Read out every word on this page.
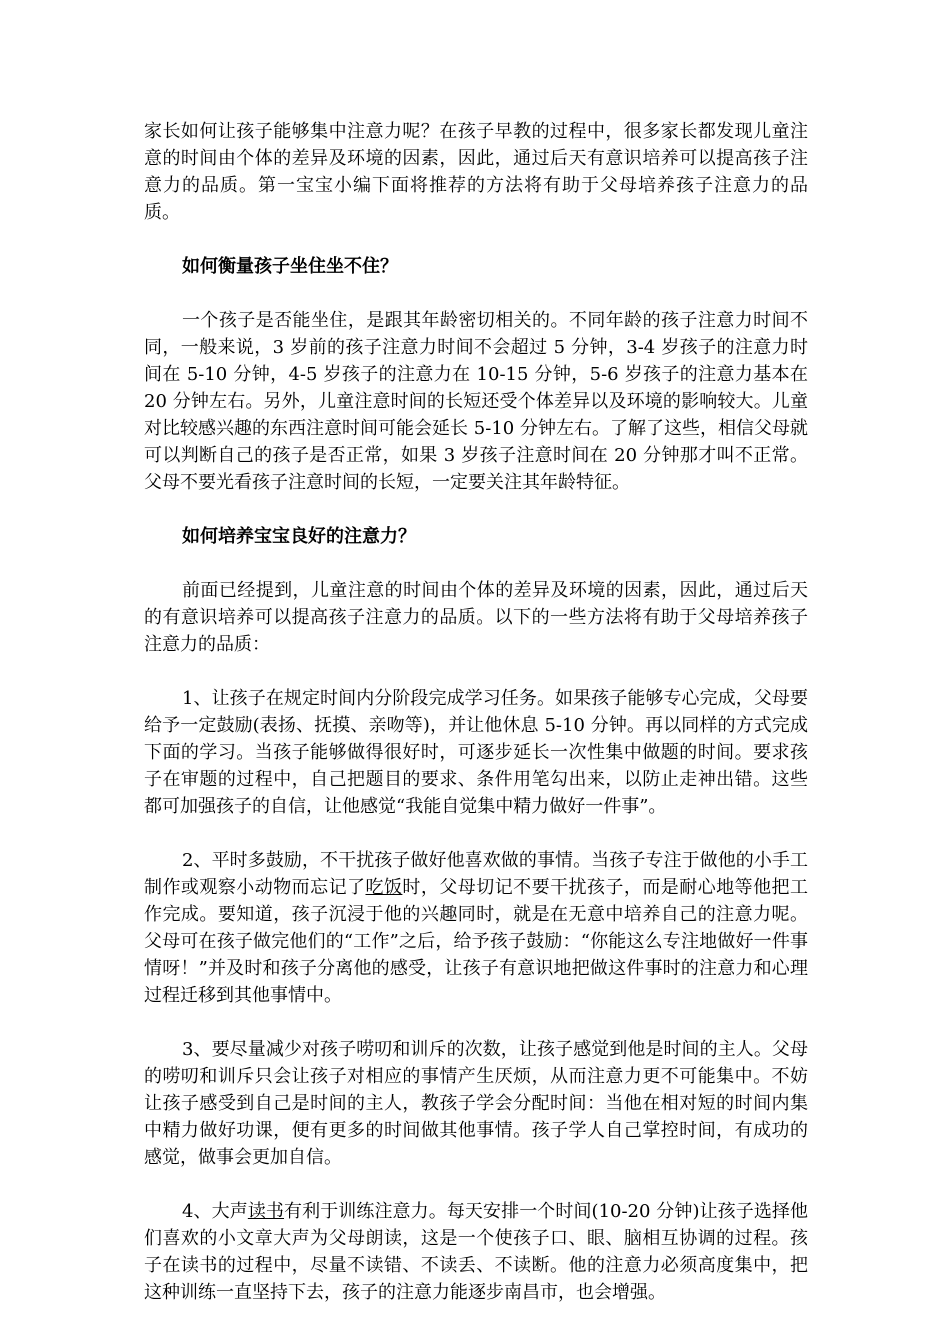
家长如何让孩子能够集中注意力呢？在孩子早教的过程中，很多家长都发现儿童注意的时间由个体的差异及环境的因素，因此，通过后天有意识培养可以提高孩子注意力的品质。第一宝宝小编下面将推荐的方法将有助于父母培养孩子注意力的品质。

如何衡量孩子坐住坐不住？

一个孩子是否能坐住，是跟其年龄密切相关的。不同年龄的孩子注意力时间不同，一般来说，3 岁前的孩子注意力时间不会超过 5 分钟，3-4 岁孩子的注意力时间在 5-10 分钟，4-5 岁孩子的注意力在 10-15 分钟，5-6 岁孩子的注意力基本在 20 分钟左右。另外，儿童注意时间的长短还受个体差异以及环境的影响较大。儿童对比较感兴趣的东西注意时间可能会延长 5-10 分钟左右。了解了这些，相信父母就可以判断自己的孩子是否正常，如果 3 岁孩子注意时间在 20 分钟那才叫不正常。父母不要光看孩子注意时间的长短，一定要关注其年龄特征。

如何培养宝宝良好的注意力？

前面已经提到，儿童注意的时间由个体的差异及环境的因素，因此，通过后天的有意识培养可以提高孩子注意力的品质。以下的一些方法将有助于父母培养孩子注意力的品质：

1、让孩子在规定时间内分阶段完成学习任务。如果孩子能够专心完成，父母要给予一定鼓励(表扬、抚摸、亲吻等)，并让他休息 5-10 分钟。再以同样的方式完成下面的学习。当孩子能够做得很好时，可逐步延长一次性集中做题的时间。要求孩子在审题的过程中，自己把题目的要求、条件用笔勾出来，以防止走神出错。这些都可加强孩子的自信，让他感觉“我能自觉集中精力做好一件事”。

2、平时多鼓励，不干扰孩子做好他喜欢做的事情。当孩子专注于做他的小手工制作或观察小动物而忘记了吃饭时，父母切记不要干扰孩子，而是耐心地等他把工作完成。要知道，孩子沉浸于他的兴趣同时，就是在无意中培养自己的注意力呢。父母可在孩子做完他们的“工作”之后，给予孩子鼓励：“你能这么专注地做好一件事情呀！”并及时和孩子分离他的感受，让孩子有意识地把做这件事时的注意力和心理过程迁移到其他事情中。

3、要尽量减少对孩子唠叨和训斥的次数，让孩子感觉到他是时间的主人。父母的唠叨和训斥只会让孩子对相应的事情产生厌烦，从而注意力更不可能集中。不妨让孩子感受到自己是时间的主人，教孩子学会分配时间：当他在相对短的时间内集中精力做好功课，便有更多的时间做其他事情。孩子学人自己掌控时间，有成功的感觉，做事会更加自信。

4、大声读书有利于训练注意力。每天安排一个时间(10-20 分钟)让孩子选择他们喜欢的小文章大声为父母朗读，这是一个使孩子口、眼、脑相互协调的过程。孩子在读书的过程中，尽量不读错、不读丢、不读断。他的注意力必须高度集中，把这种训练一直坚持下去，孩子的注意力能逐步南昌市，也会增强。
